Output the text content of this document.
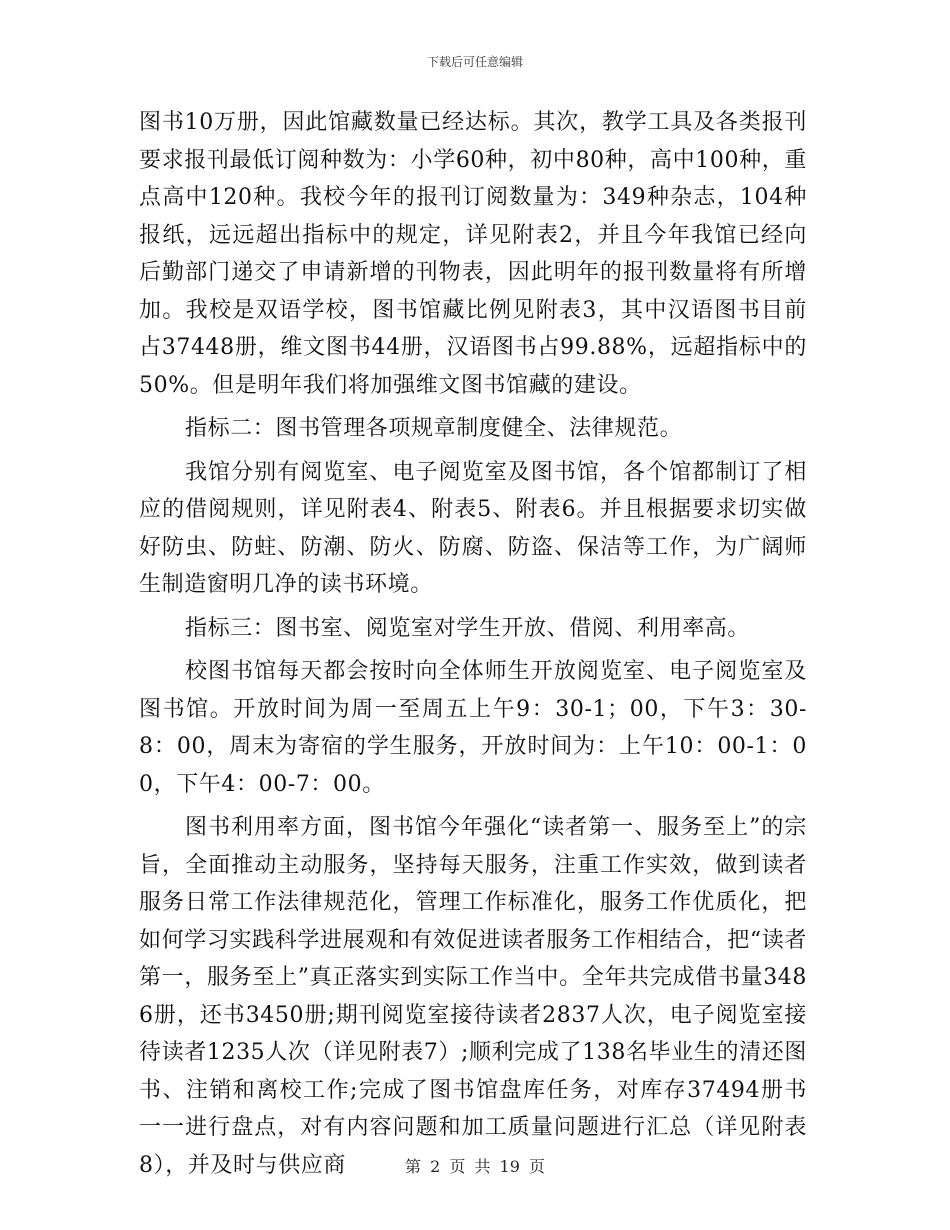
下载后可任意编辑

图书10万册，因此馆藏数量已经达标。其次，教学工具及各类报刊要求报刊最低订阅种数为：小学60种，初中80种，高中100种，重点高中120种。我校今年的报刊订阅数量为：349种杂志，104种报纸，远远超出指标中的规定，详见附表2，并且今年我馆已经向后勤部门递交了申请新增的刊物表，因此明年的报刊数量将有所增加。我校是双语学校，图书馆藏比例见附表3，其中汉语图书目前占37448册，维文图书44册，汉语图书占99.88%，远超指标中的50%。但是明年我们将加强维文图书馆藏的建设。

指标二：图书管理各项规章制度健全、法律规范。

我馆分别有阅览室、电子阅览室及图书馆，各个馆都制订了相应的借阅规则，详见附表4、附表5、附表6。并且根据要求切实做好防虫、防蛀、防潮、防火、防腐、防盗、保洁等工作，为广阔师生制造窗明几净的读书环境。

指标三：图书室、阅览室对学生开放、借阅、利用率高。

校图书馆每天都会按时向全体师生开放阅览室、电子阅览室及图书馆。开放时间为周一至周五上午9：30-1；00，下午3：30-8：00，周末为寄宿的学生服务，开放时间为：上午10：00-1：00，下午4：00-7：00。

图书利用率方面，图书馆今年强化“读者第一、服务至上”的宗旨，全面推动主动服务，坚持每天服务，注重工作实效，做到读者服务日常工作法律规范化，管理工作标准化，服务工作优质化，把如何学习实践科学进展观和有效促进读者服务工作相结合，把“读者第一，服务至上”真正落实到实际工作当中。全年共完成借书量3486册，还书3450册;期刊阅览室接待读者2837人次，电子阅览室接待读者1235人次（详见附表7）;顺利完成了138名毕业生的清还图书、注销和离校工作;完成了图书馆盘库任务，对库存37494册书一一进行盘点，对有内容问题和加工质量问题进行汇总（详见附表8），并及时与供应商	第 2 页 共 19 页
